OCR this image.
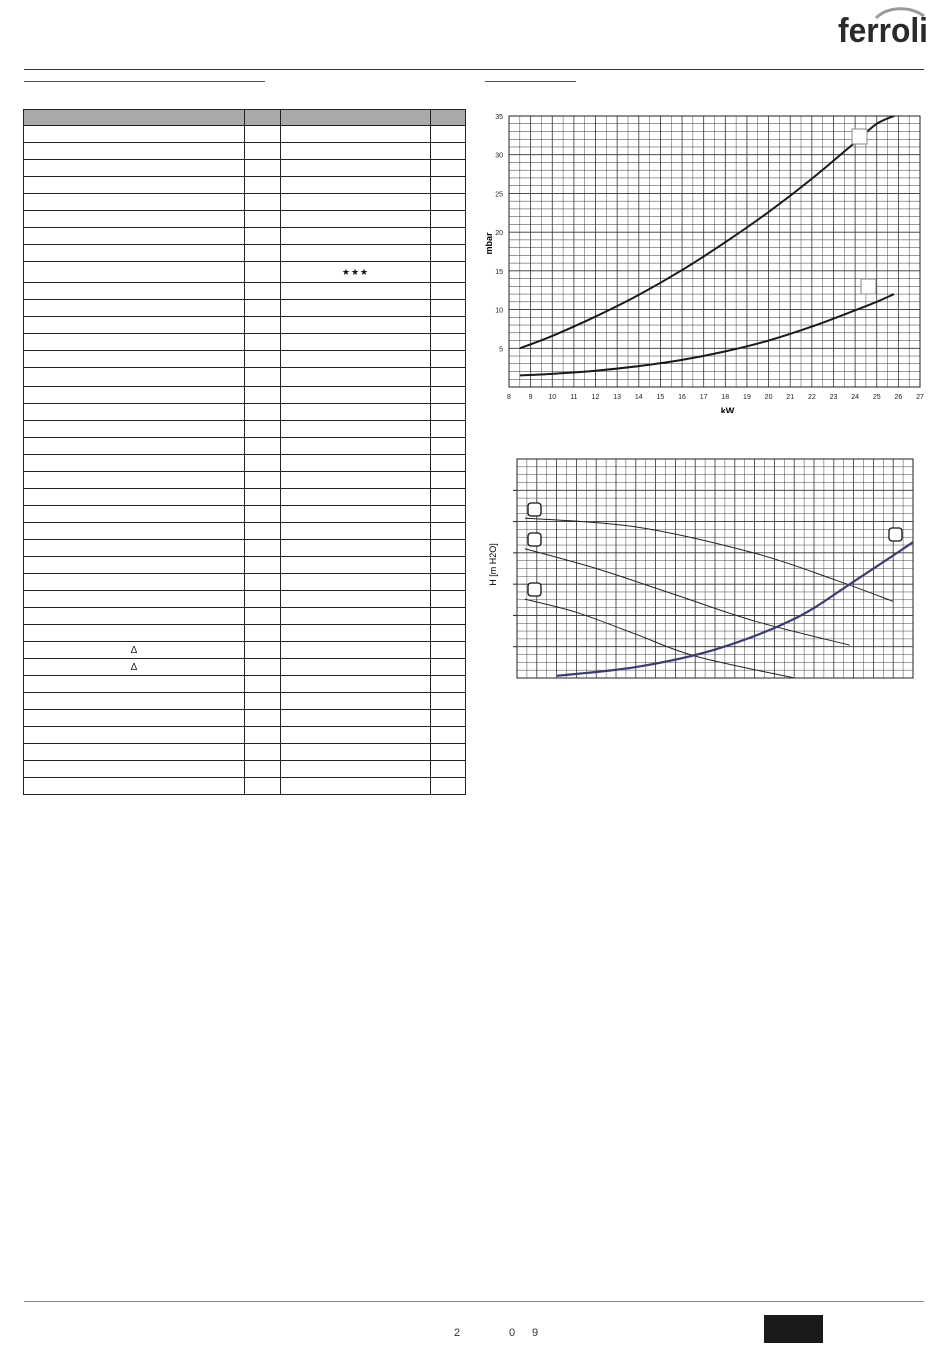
ferroli

		★★★	

Δ			
Δ			

8	9 10 11 12 13 14 15 16 17 18 19 20 21 22 23 24 25 26 27
5
10
15
20
25
30
35
kW
mbar
H [m H2O]
2	0 9
